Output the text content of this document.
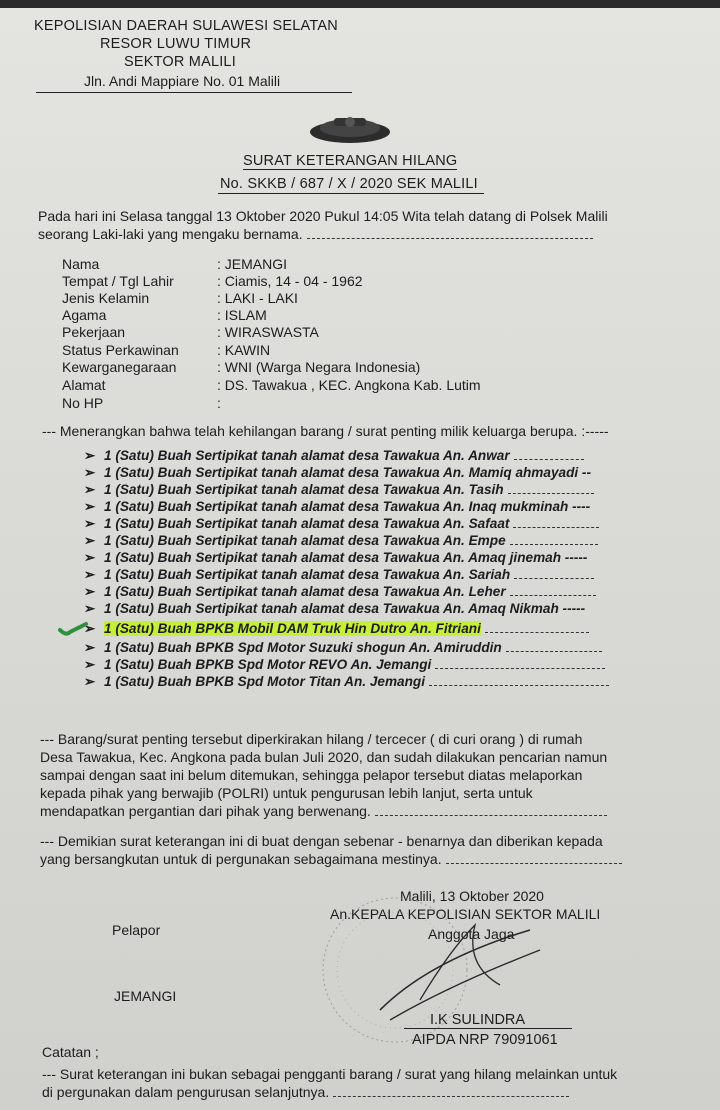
KEPOLISIAN DAERAH SULAWESI SELATAN
RESOR LUWU TIMUR
SEKTOR MALILI
Jln. Andi Mappiare No. 01 Malili
SURAT KETERANGAN HILANG
No. SKKB / 687 / X / 2020 SEK MALILI
Pada hari ini Selasa tanggal 13 Oktober 2020 Pukul 14:05 Wita telah datang di Polsek Malili
seorang Laki-laki yang mengaku bernama.
Nama	: JEMANGI
Tempat / Tgl Lahir	: Ciamis, 14 - 04 - 1962
Jenis Kelamin	: LAKI - LAKI
Agama	: ISLAM
Pekerjaan	: WIRASWASTA
Status Perkawinan	: KAWIN
Kewarganegaraan	: WNI (Warga Negara Indonesia)
Alamat	: DS. Tawakua , KEC. Angkona Kab. Lutim
No HP	:
--- Menerangkan bahwa telah kehilangan barang / surat penting milik keluarga berupa. :-----
➢ 1 (Satu) Buah Sertipikat tanah alamat desa Tawakua An. Anwar
➢ 1 (Satu) Buah Sertipikat tanah alamat desa Tawakua An. Mamiq ahmayadi --
➢ 1 (Satu) Buah Sertipikat tanah alamat desa Tawakua An. Tasih
➢ 1 (Satu) Buah Sertipikat tanah alamat desa Tawakua An. Inaq mukminah ----
➢ 1 (Satu) Buah Sertipikat tanah alamat desa Tawakua An. Safaat
➢ 1 (Satu) Buah Sertipikat tanah alamat desa Tawakua An. Empe
➢ 1 (Satu) Buah Sertipikat tanah alamat desa Tawakua An. Amaq jinemah -----
➢ 1 (Satu) Buah Sertipikat tanah alamat desa Tawakua An. Sariah
➢ 1 (Satu) Buah Sertipikat tanah alamat desa Tawakua An. Leher
➢ 1 (Satu) Buah Sertipikat tanah alamat desa Tawakua An. Amaq Nikmah -----
➢ 1 (Satu) Buah BPKB Mobil DAM Truk Hin Dutro An. Fitriani
➢ 1 (Satu) Buah BPKB Spd Motor Suzuki shogun An. Amiruddin
➢ 1 (Satu) Buah BPKB Spd Motor REVO An. Jemangi
➢ 1 (Satu) Buah BPKB Spd Motor Titan An. Jemangi
--- Barang/surat penting tersebut diperkirakan hilang / tercecer ( di curi orang ) di rumah
Desa Tawakua, Kec. Angkona pada bulan Juli 2020, dan sudah dilakukan pencarian namun
sampai dengan saat ini belum ditemukan, sehingga pelapor tersebut diatas melaporkan
kepada pihak yang berwajib (POLRI) untuk pengurusan lebih lanjut, serta untuk
mendapatkan pergantian dari pihak yang berwenang.
--- Demikian surat keterangan ini di buat dengan sebenar - benarnya dan diberikan kepada
yang bersangkutan untuk di pergunakan sebagaimana mestinya.
Malili, 13 Oktober 2020
An.KEPALA KEPOLISIAN SEKTOR MALILI
Anggota Jaga
Pelapor
JEMANGI
I.K SULINDRA
AIPDA NRP 79091061
Catatan ;
--- Surat keterangan ini bukan sebagai pengganti barang / surat yang hilang melainkan untuk
di pergunakan dalam pengurusan selanjutnya.
